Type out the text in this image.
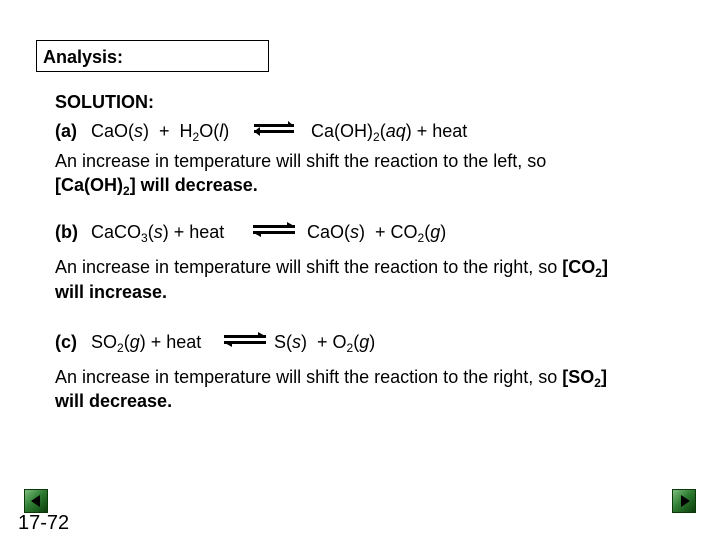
Analysis:
SOLUTION:
(a) $CaO(s) + H_2O(l)$ ⇌ $Ca(OH)_2(aq)$ + heat
An increase in temperature will shift the reaction to the left, so
$[Ca(OH)_2]$ will decrease.
(b) CaCO$_3$(s) + heat ⇌ $CaO(s) + CO_2(g)$
An increase in temperature will shift the reaction to the right, so $[CO_2]$
will increase.
(c) $SO_2(g)$ + heat ⇌ $S(s) + O_2(g)$
An increase in temperature will shift the reaction to the right, so $[SO_2]$
will decrease.
17-72
